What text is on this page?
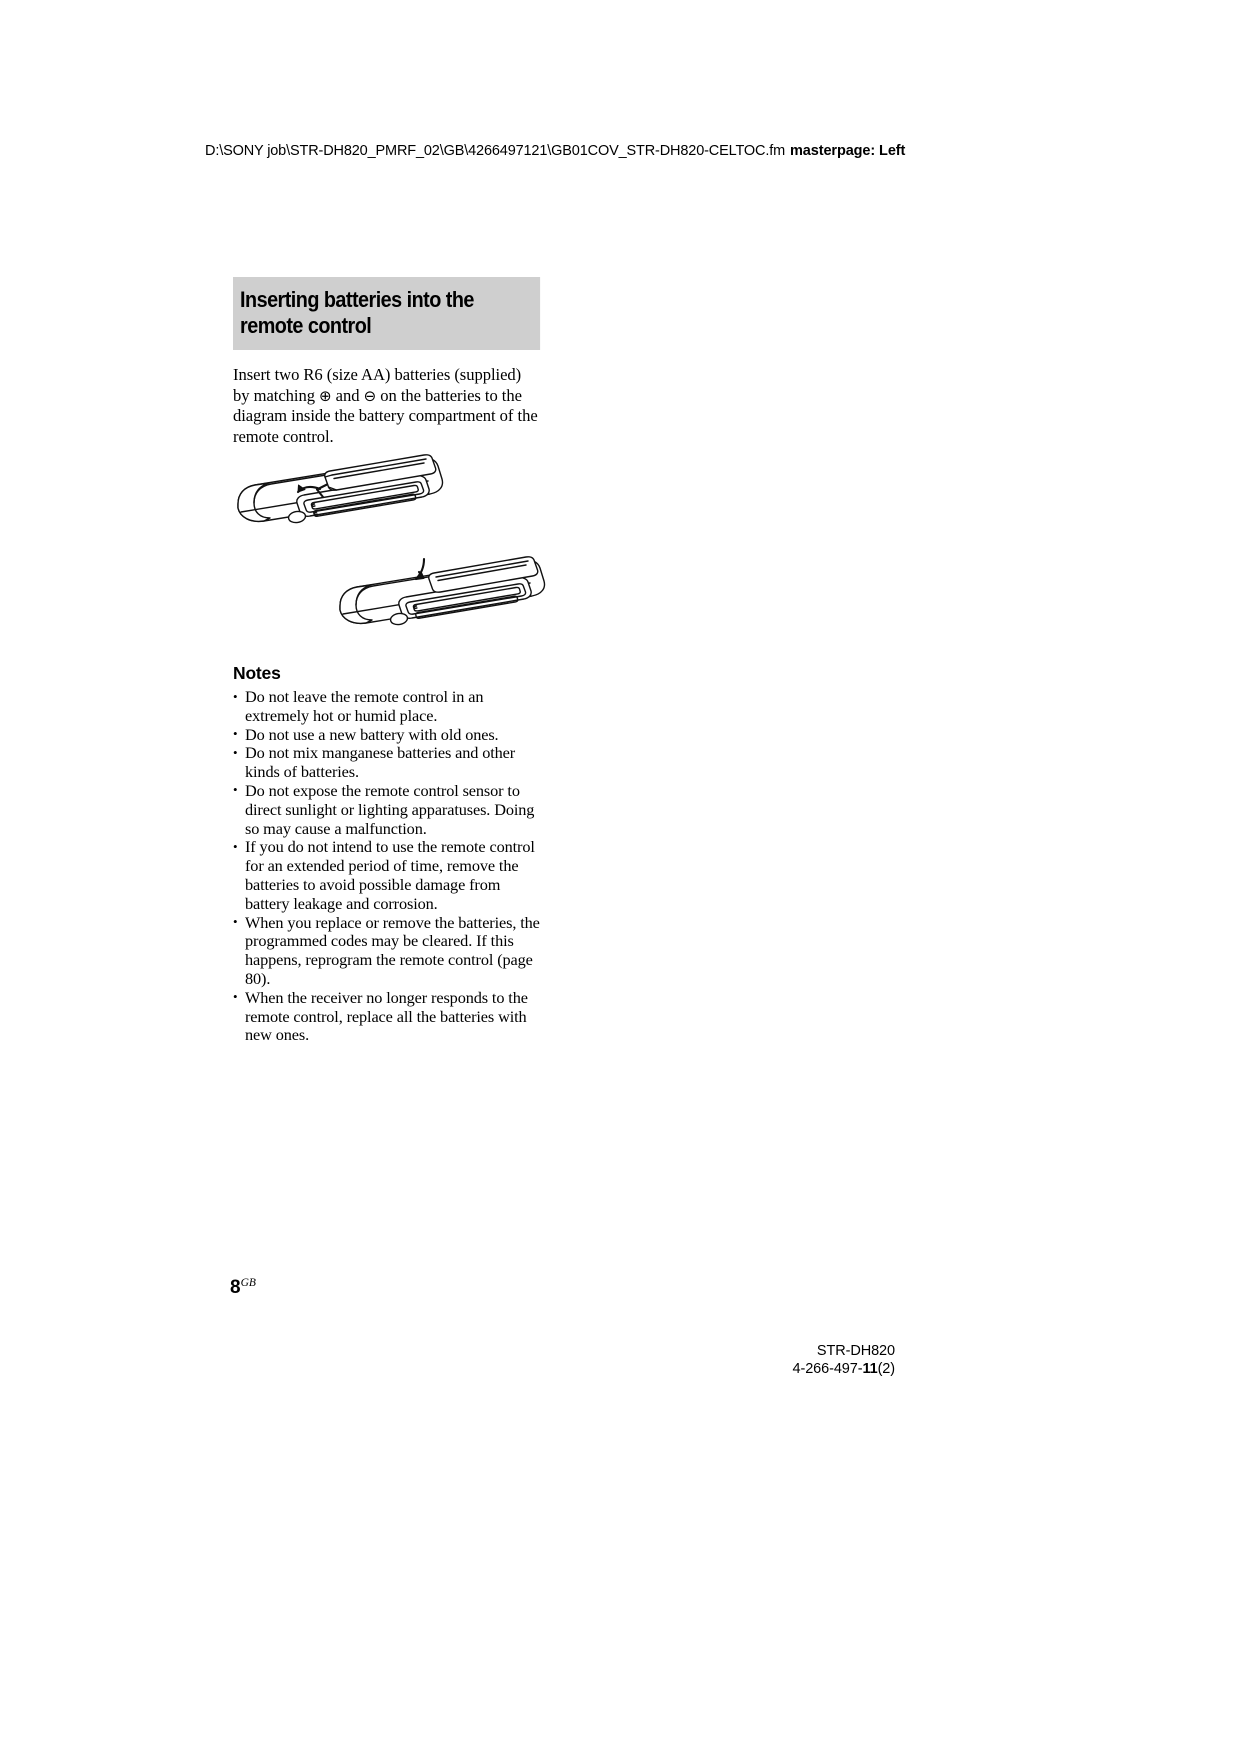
D:\SONY job\STR-DH820_PMRF_02\GB\4266497121\GB01COV_STR-DH820-CELTOC.fm masterpage: Left
Inserting batteries into the
remote control

Insert two R6 (size AA) batteries (supplied) by matching ⊕ and ⊖ on the batteries to the diagram inside the battery compartment of the remote control.

Notes
• Do not leave the remote control in an extremely hot or humid place.
• Do not use a new battery with old ones.
• Do not mix manganese batteries and other kinds of batteries.
• Do not expose the remote control sensor to direct sunlight or lighting apparatuses. Doing so may cause a malfunction.
• If you do not intend to use the remote control for an extended period of time, remove the batteries to avoid possible damage from battery leakage and corrosion.
• When you replace or remove the batteries, the programmed codes may be cleared. If this happens, reprogram the remote control (page 80).
• When the receiver no longer responds to the remote control, replace all the batteries with new ones.
$8^{GB}$
STR-DH820
4-266-497-11(2)
